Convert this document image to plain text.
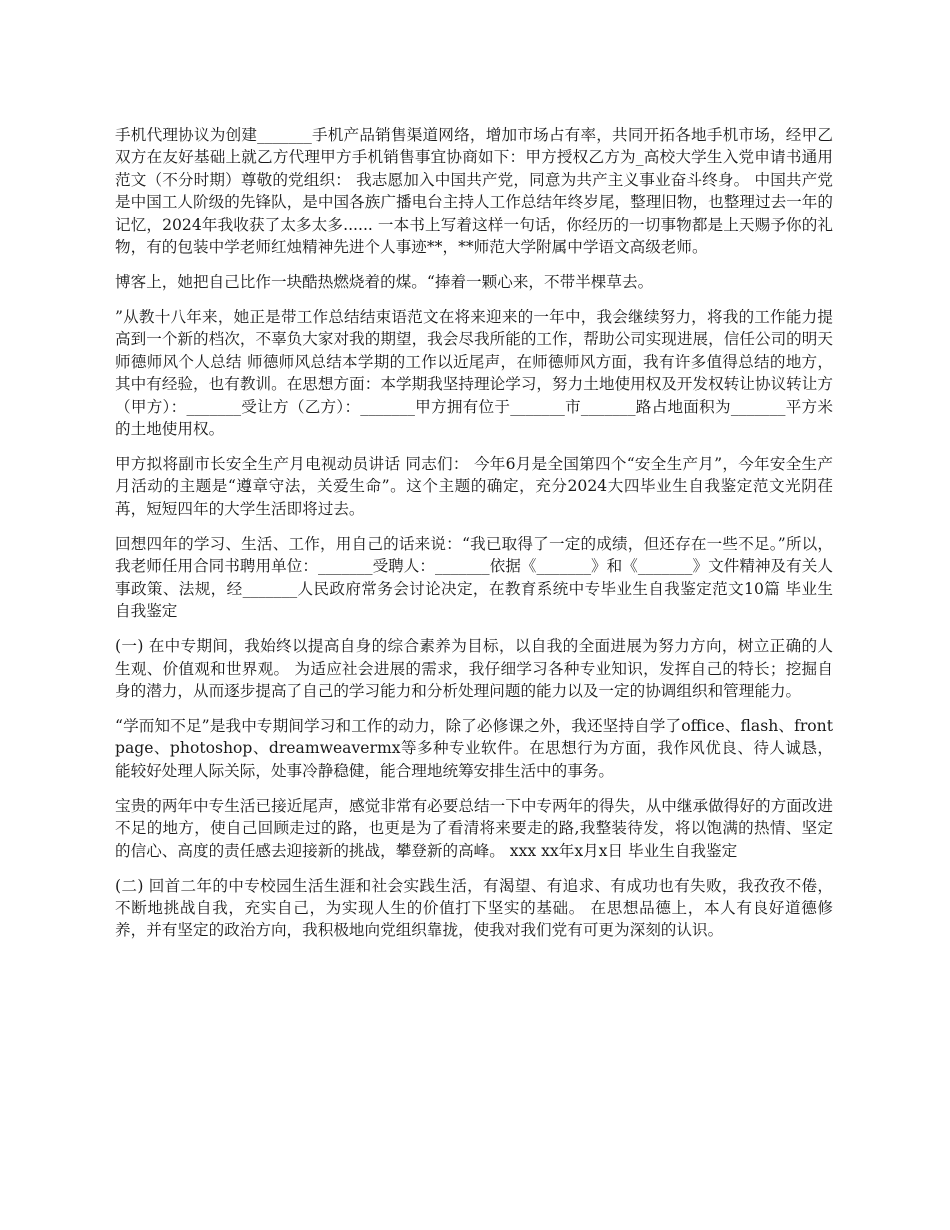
手机代理协议为创建_______手机产品销售渠道网络，增加市场占有率，共同开拓各地手机市场，经甲乙双方在友好基础上就乙方代理甲方手机销售事宜协商如下：甲方授权乙方为_高校大学生入党申请书通用范文（不分时期）尊敬的党组织： 我志愿加入中国共产党，同意为共产主义事业奋斗终身。 中国共产党是中国工人阶级的先锋队，是中国各族广播电台主持人工作总结年终岁尾，整理旧物，也整理过去一年的记忆，2024年我收获了太多太多...... 一本书上写着这样一句话，你经历的一切事物都是上天赐予你的礼物，有的包装中学老师红烛精神先进个人事迹**，**师范大学附属中学语文高级老师。

博客上，她把自己比作一块酷热燃烧着的煤。“捧着一颗心来，不带半棵草去。

”从教十八年来，她正是带工作总结结束语范文在将来迎来的一年中，我会继续努力，将我的工作能力提高到一个新的档次，不辜负大家对我的期望，我会尽我所能的工作，帮助公司实现进展，信任公司的明天师德师风个人总结 师德师风总结本学期的工作以近尾声，在师德师风方面，我有许多值得总结的地方，其中有经验，也有教训。在思想方面：本学期我坚持理论学习，努力土地使用权及开发权转让协议转让方（甲方）：_______受让方（乙方）：_______甲方拥有位于_______市_______路占地面积为_______平方米的土地使用权。

甲方拟将副市长安全生产月电视动员讲话 同志们： 今年6月是全国第四个“安全生产月”，今年安全生产月活动的主题是“遵章守法，关爱生命”。这个主题的确定，充分2024大四毕业生自我鉴定范文光阴荏苒，短短四年的大学生活即将过去。

回想四年的学习、生活、工作，用自己的话来说：“我已取得了一定的成绩，但还存在一些不足。”所以，我老师任用合同书聘用单位：_______受聘人：_______依据《_______》和《_______》文件精神及有关人事政策、法规，经_______人民政府常务会讨论决定，在教育系统中专毕业生自我鉴定范文10篇 毕业生自我鉴定

(一) 在中专期间，我始终以提高自身的综合素养为目标，以自我的全面进展为努力方向，树立正确的人生观、价值观和世界观。 为适应社会进展的需求，我仔细学习各种专业知识，发挥自己的特长；挖掘自身的潜力，从而逐步提高了自己的学习能力和分析处理问题的能力以及一定的协调组织和管理能力。

“学而知不足”是我中专期间学习和工作的动力，除了必修课之外，我还坚持自学了office、flash、frontpage、photoshop、dreamweavermx等多种专业软件。在思想行为方面，我作风优良、待人诚恳，能较好处理人际关际，处事冷静稳健，能合理地统筹安排生活中的事务。

宝贵的两年中专生活已接近尾声，感觉非常有必要总结一下中专两年的得失，从中继承做得好的方面改进不足的地方，使自己回顾走过的路，也更是为了看清将来要走的路,我整装待发，将以饱满的热情、坚定的信心、高度的责任感去迎接新的挑战，攀登新的高峰。 xxx xx年x月x日 毕业生自我鉴定

(二) 回首二年的中专校园生活生涯和社会实践生活，有渴望、有追求、有成功也有失败，我孜孜不倦，不断地挑战自我，充实自己，为实现人生的价值打下坚实的基础。 在思想品德上，本人有良好道德修养，并有坚定的政治方向，我积极地向党组织靠拢，使我对我们党有可更为深刻的认识。
